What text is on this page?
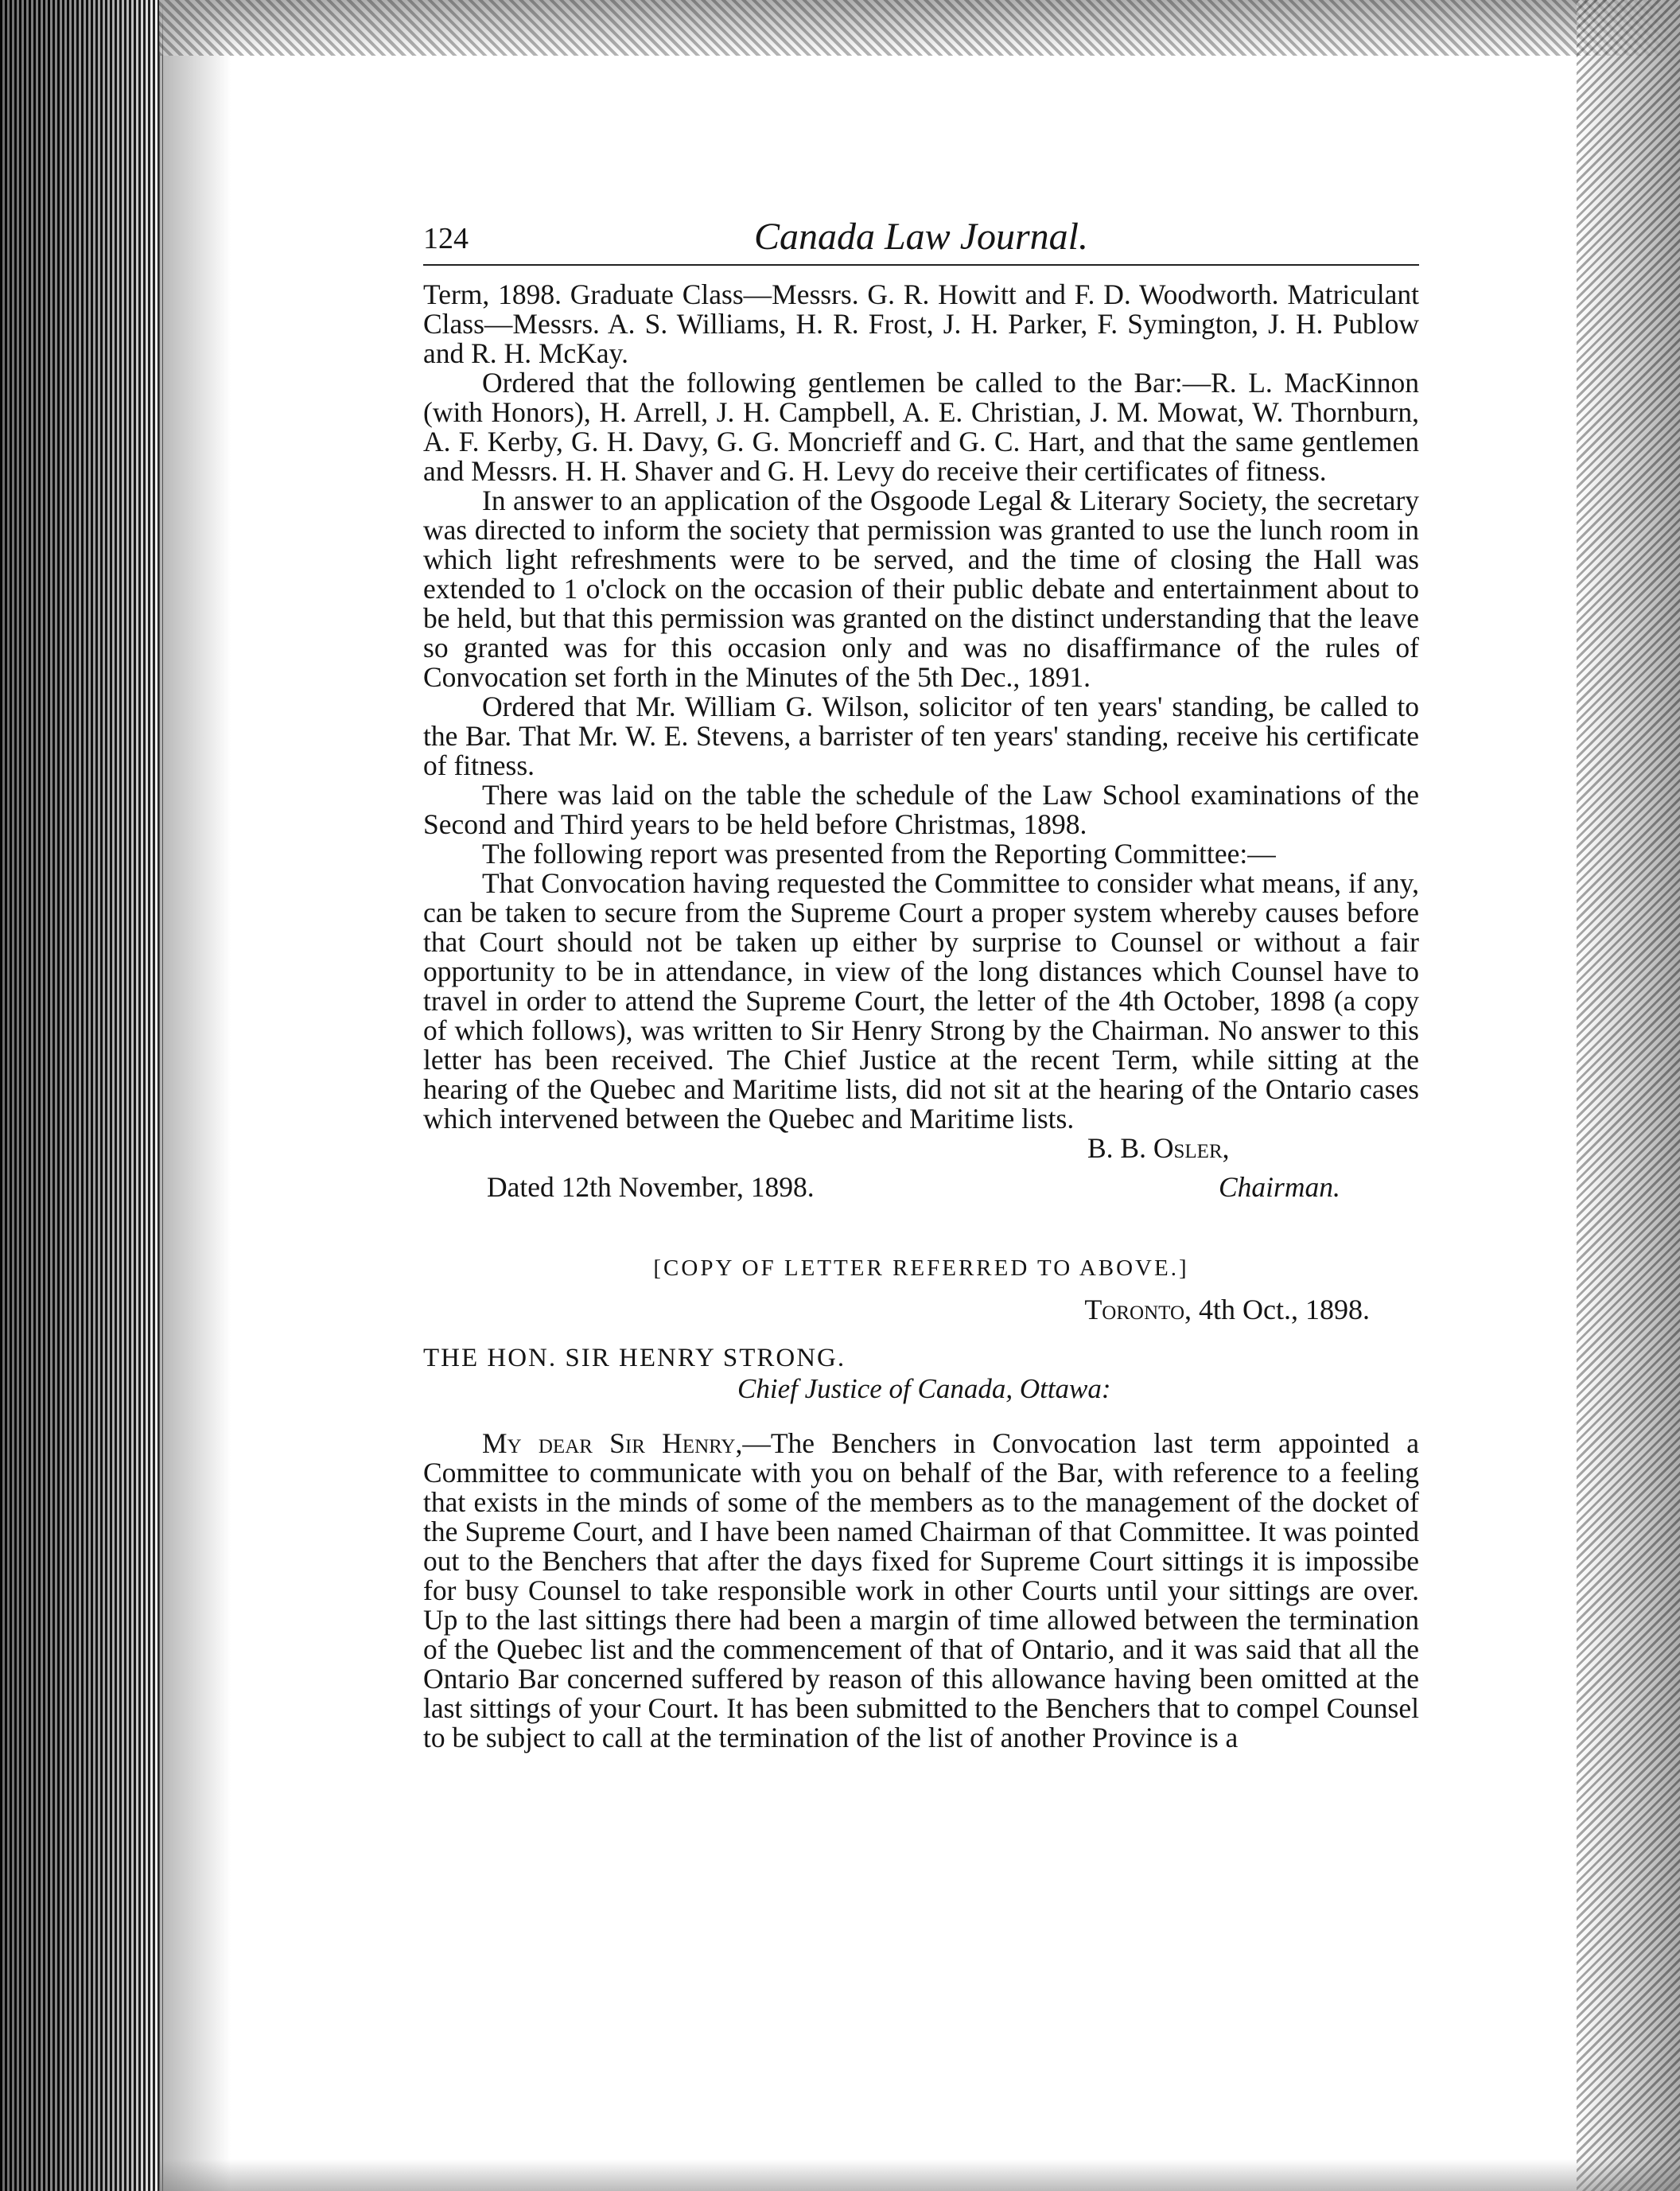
124	Canada Law Journal.

Term, 1898. Graduate Class—Messrs. G. R. Howitt and F. D. Woodworth. Matriculant Class—Messrs. A. S. Williams, H. R. Frost, J. H. Parker, F. Symington, J. H. Publow and R. H. McKay.

Ordered that the following gentlemen be called to the Bar:—R. L. MacKinnon (with Honors), H. Arrell, J. H. Campbell, A. E. Christian, J. M. Mowat, W. Thornburn, A. F. Kerby, G. H. Davy, G. G. Moncrieff and G. C. Hart, and that the same gentlemen and Messrs. H. H. Shaver and G. H. Levy do receive their certificates of fitness.

In answer to an application of the Osgoode Legal & Literary Society, the secretary was directed to inform the society that permission was granted to use the lunch room in which light refreshments were to be served, and the time of closing the Hall was extended to 1 o'clock on the occasion of their public debate and entertainment about to be held, but that this permission was granted on the distinct understanding that the leave so granted was for this occasion only and was no disaffirmance of the rules of Convocation set forth in the Minutes of the 5th Dec., 1891.

Ordered that Mr. William G. Wilson, solicitor of ten years' standing, be called to the Bar. That Mr. W. E. Stevens, a barrister of ten years' standing, receive his certificate of fitness.

There was laid on the table the schedule of the Law School examinations of the Second and Third years to be held before Christmas, 1898.

The following report was presented from the Reporting Committee:—

That Convocation having requested the Committee to consider what means, if any, can be taken to secure from the Supreme Court a proper system whereby causes before that Court should not be taken up either by surprise to Counsel or without a fair opportunity to be in attendance, in view of the long distances which Counsel have to travel in order to attend the Supreme Court, the letter of the 4th October, 1898 (a copy of which follows), was written to Sir Henry Strong by the Chairman. No answer to this letter has been received. The Chief Justice at the recent Term, while sitting at the hearing of the Quebec and Maritime lists, did not sit at the hearing of the Ontario cases which intervened between the Quebec and Maritime lists.

B. B. Osler,
Dated 12th November, 1898.	Chairman.
[COPY OF LETTER REFERRED TO ABOVE.]
Toronto, 4th Oct., 1898.
THE HON. SIR HENRY STRONG.
Chief Justice of Canada, Ottawa:

My dear Sir Henry,—The Benchers in Convocation last term appointed a Committee to communicate with you on behalf of the Bar, with reference to a feeling that exists in the minds of some of the members as to the management of the docket of the Supreme Court, and I have been named Chairman of that Committee. It was pointed out to the Benchers that after the days fixed for Supreme Court sittings it is impossibe for busy Counsel to take responsible work in other Courts until your sittings are over. Up to the last sittings there had been a margin of time allowed between the termination of the Quebec list and the commencement of that of Ontario, and it was said that all the Ontario Bar concerned suffered by reason of this allowance having been omitted at the last sittings of your Court. It has been submitted to the Benchers that to compel Counsel to be subject to call at the termination of the list of another Province is a
